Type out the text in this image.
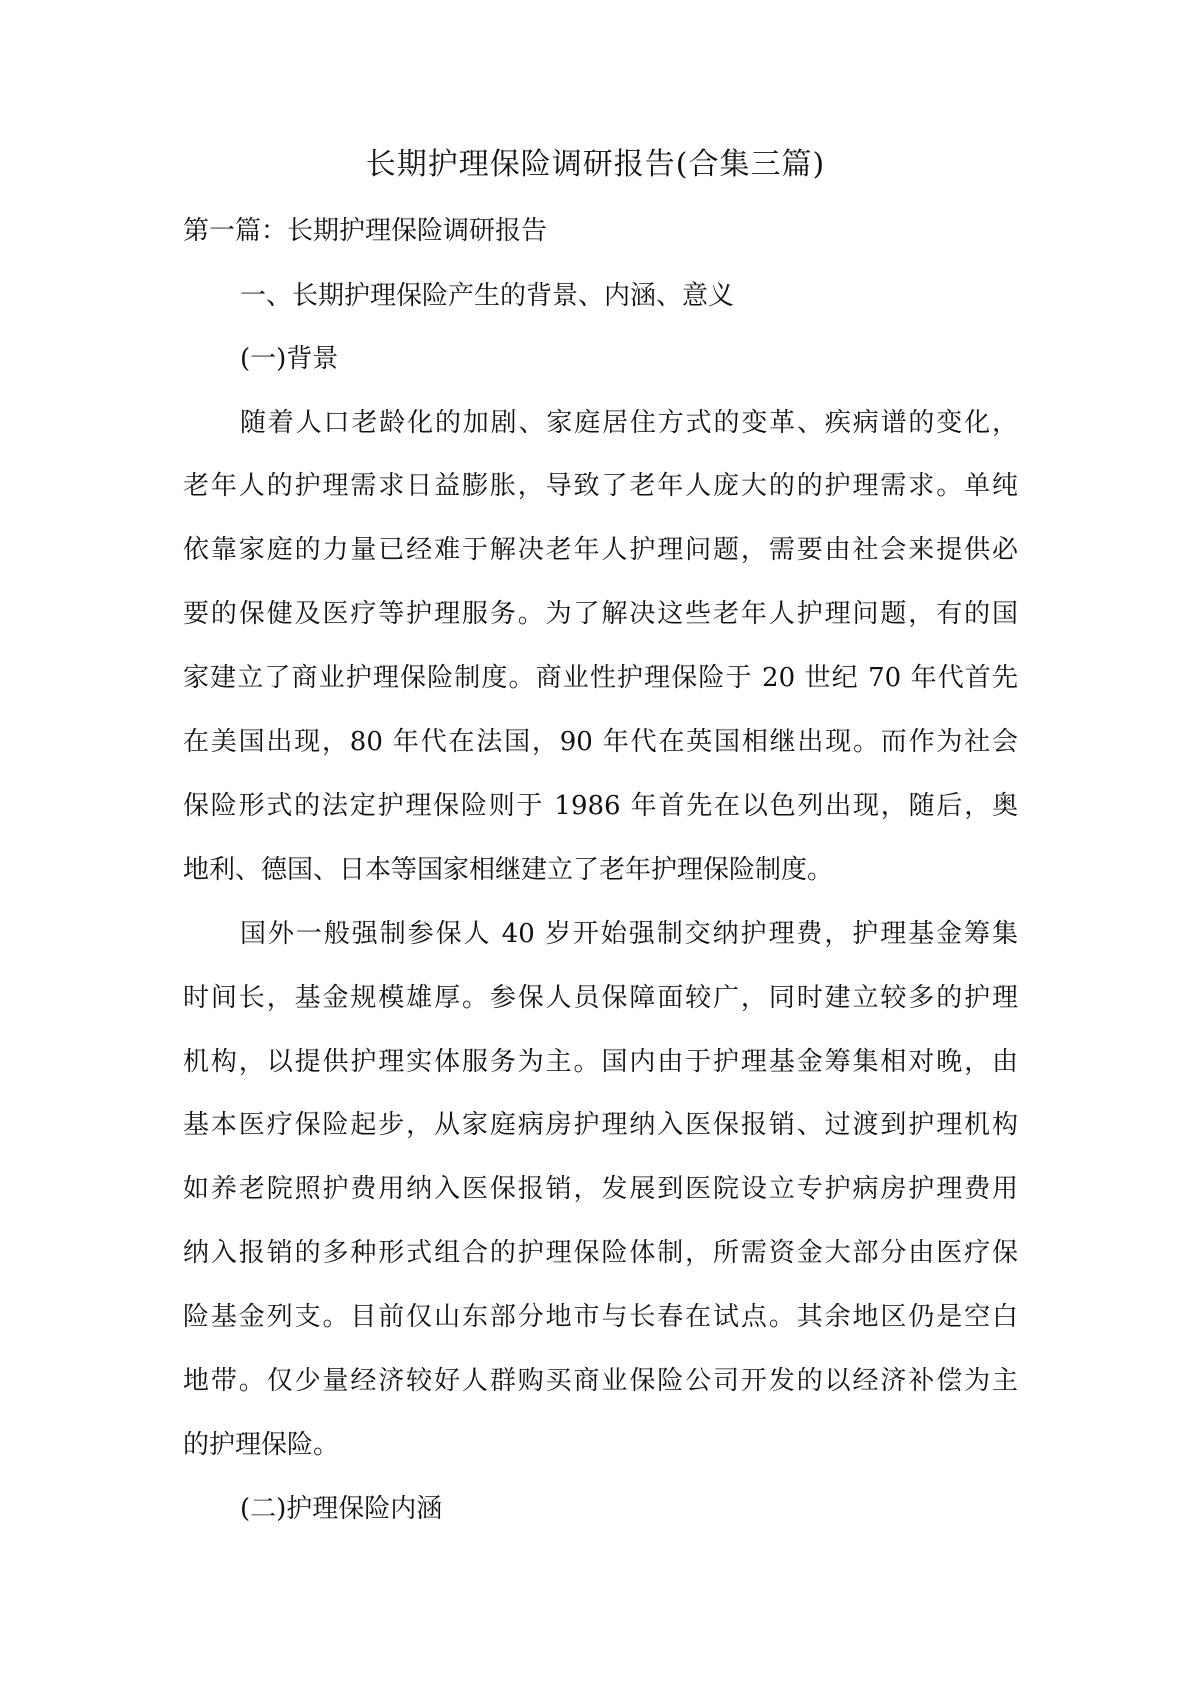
长期护理保险调研报告(合集三篇)

第一篇：长期护理保险调研报告

一、长期护理保险产生的背景、内涵、意义

(一)背景

随着人口老龄化的加剧、家庭居住方式的变革、疾病谱的变化，

老年人的护理需求日益膨胀，导致了老年人庞大的的护理需求。单纯

依靠家庭的力量已经难于解决老年人护理问题，需要由社会来提供必

要的保健及医疗等护理服务。为了解决这些老年人护理问题，有的国

家建立了商业护理保险制度。商业性护理保险于 20 世纪 70 年代首先

在美国出现，80 年代在法国，90 年代在英国相继出现。而作为社会

保险形式的法定护理保险则于 1986 年首先在以色列出现，随后，奥

地利、德国、日本等国家相继建立了老年护理保险制度。

国外一般强制参保人 40 岁开始强制交纳护理费，护理基金筹集

时间长，基金规模雄厚。参保人员保障面较广，同时建立较多的护理

机构，以提供护理实体服务为主。国内由于护理基金筹集相对晚，由

基本医疗保险起步，从家庭病房护理纳入医保报销、过渡到护理机构

如养老院照护费用纳入医保报销，发展到医院设立专护病房护理费用

纳入报销的多种形式组合的护理保险体制，所需资金大部分由医疗保

险基金列支。目前仅山东部分地市与长春在试点。其余地区仍是空白

地带。仅少量经济较好人群购买商业保险公司开发的以经济补偿为主

的护理保险。

(二)护理保险内涵
